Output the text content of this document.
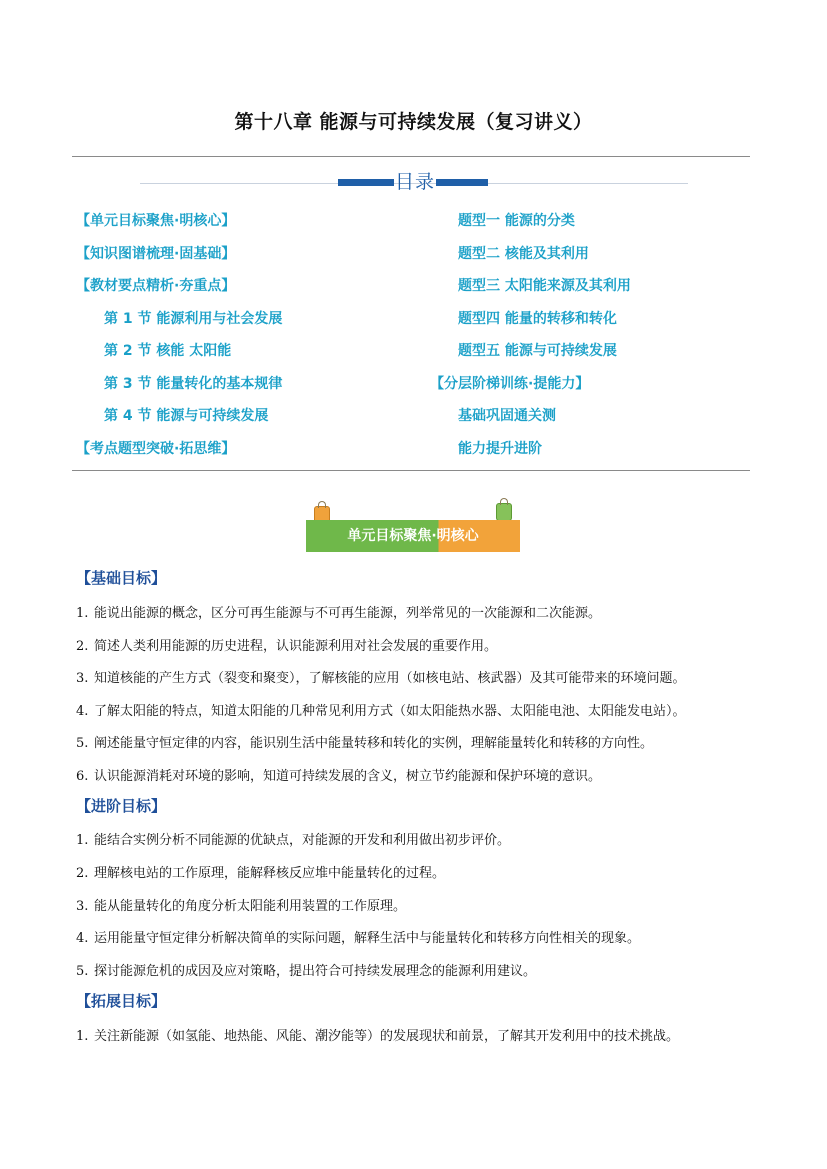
第十八章 能源与可持续发展（复习讲义）
目录
【单元目标聚焦·明核心】
【知识图谱梳理·固基础】
【教材要点精析·夯重点】
第 1 节 能源利用与社会发展
第 2 节 核能 太阳能
第 3 节 能量转化的基本规律
第 4 节 能源与可持续发展
【考点题型突破·拓思维】
题型一 能源的分类
题型二 核能及其利用
题型三 太阳能来源及其利用
题型四 能量的转移和转化
题型五 能源与可持续发展
【分层阶梯训练·提能力】
基础巩固通关测
能力提升进阶
单元目标聚焦·明核心
【基础目标】
1. 能说出能源的概念，区分可再生能源与不可再生能源，列举常见的一次能源和二次能源。
2. 简述人类利用能源的历史进程，认识能源利用对社会发展的重要作用。
3. 知道核能的产生方式（裂变和聚变），了解核能的应用（如核电站、核武器）及其可能带来的环境问题。
4. 了解太阳能的特点，知道太阳能的几种常见利用方式（如太阳能热水器、太阳能电池、太阳能发电站）。
5. 阐述能量守恒定律的内容，能识别生活中能量转移和转化的实例，理解能量转化和转移的方向性。
6. 认识能源消耗对环境的影响，知道可持续发展的含义，树立节约能源和保护环境的意识。
【进阶目标】
1. 能结合实例分析不同能源的优缺点，对能源的开发和利用做出初步评价。
2. 理解核电站的工作原理，能解释核反应堆中能量转化的过程。
3. 能从能量转化的角度分析太阳能利用装置的工作原理。
4. 运用能量守恒定律分析解决简单的实际问题，解释生活中与能量转化和转移方向性相关的现象。
5. 探讨能源危机的成因及应对策略，提出符合可持续发展理念的能源利用建议。
【拓展目标】
1. 关注新能源（如氢能、地热能、风能、潮汐能等）的发展现状和前景，了解其开发利用中的技术挑战。
